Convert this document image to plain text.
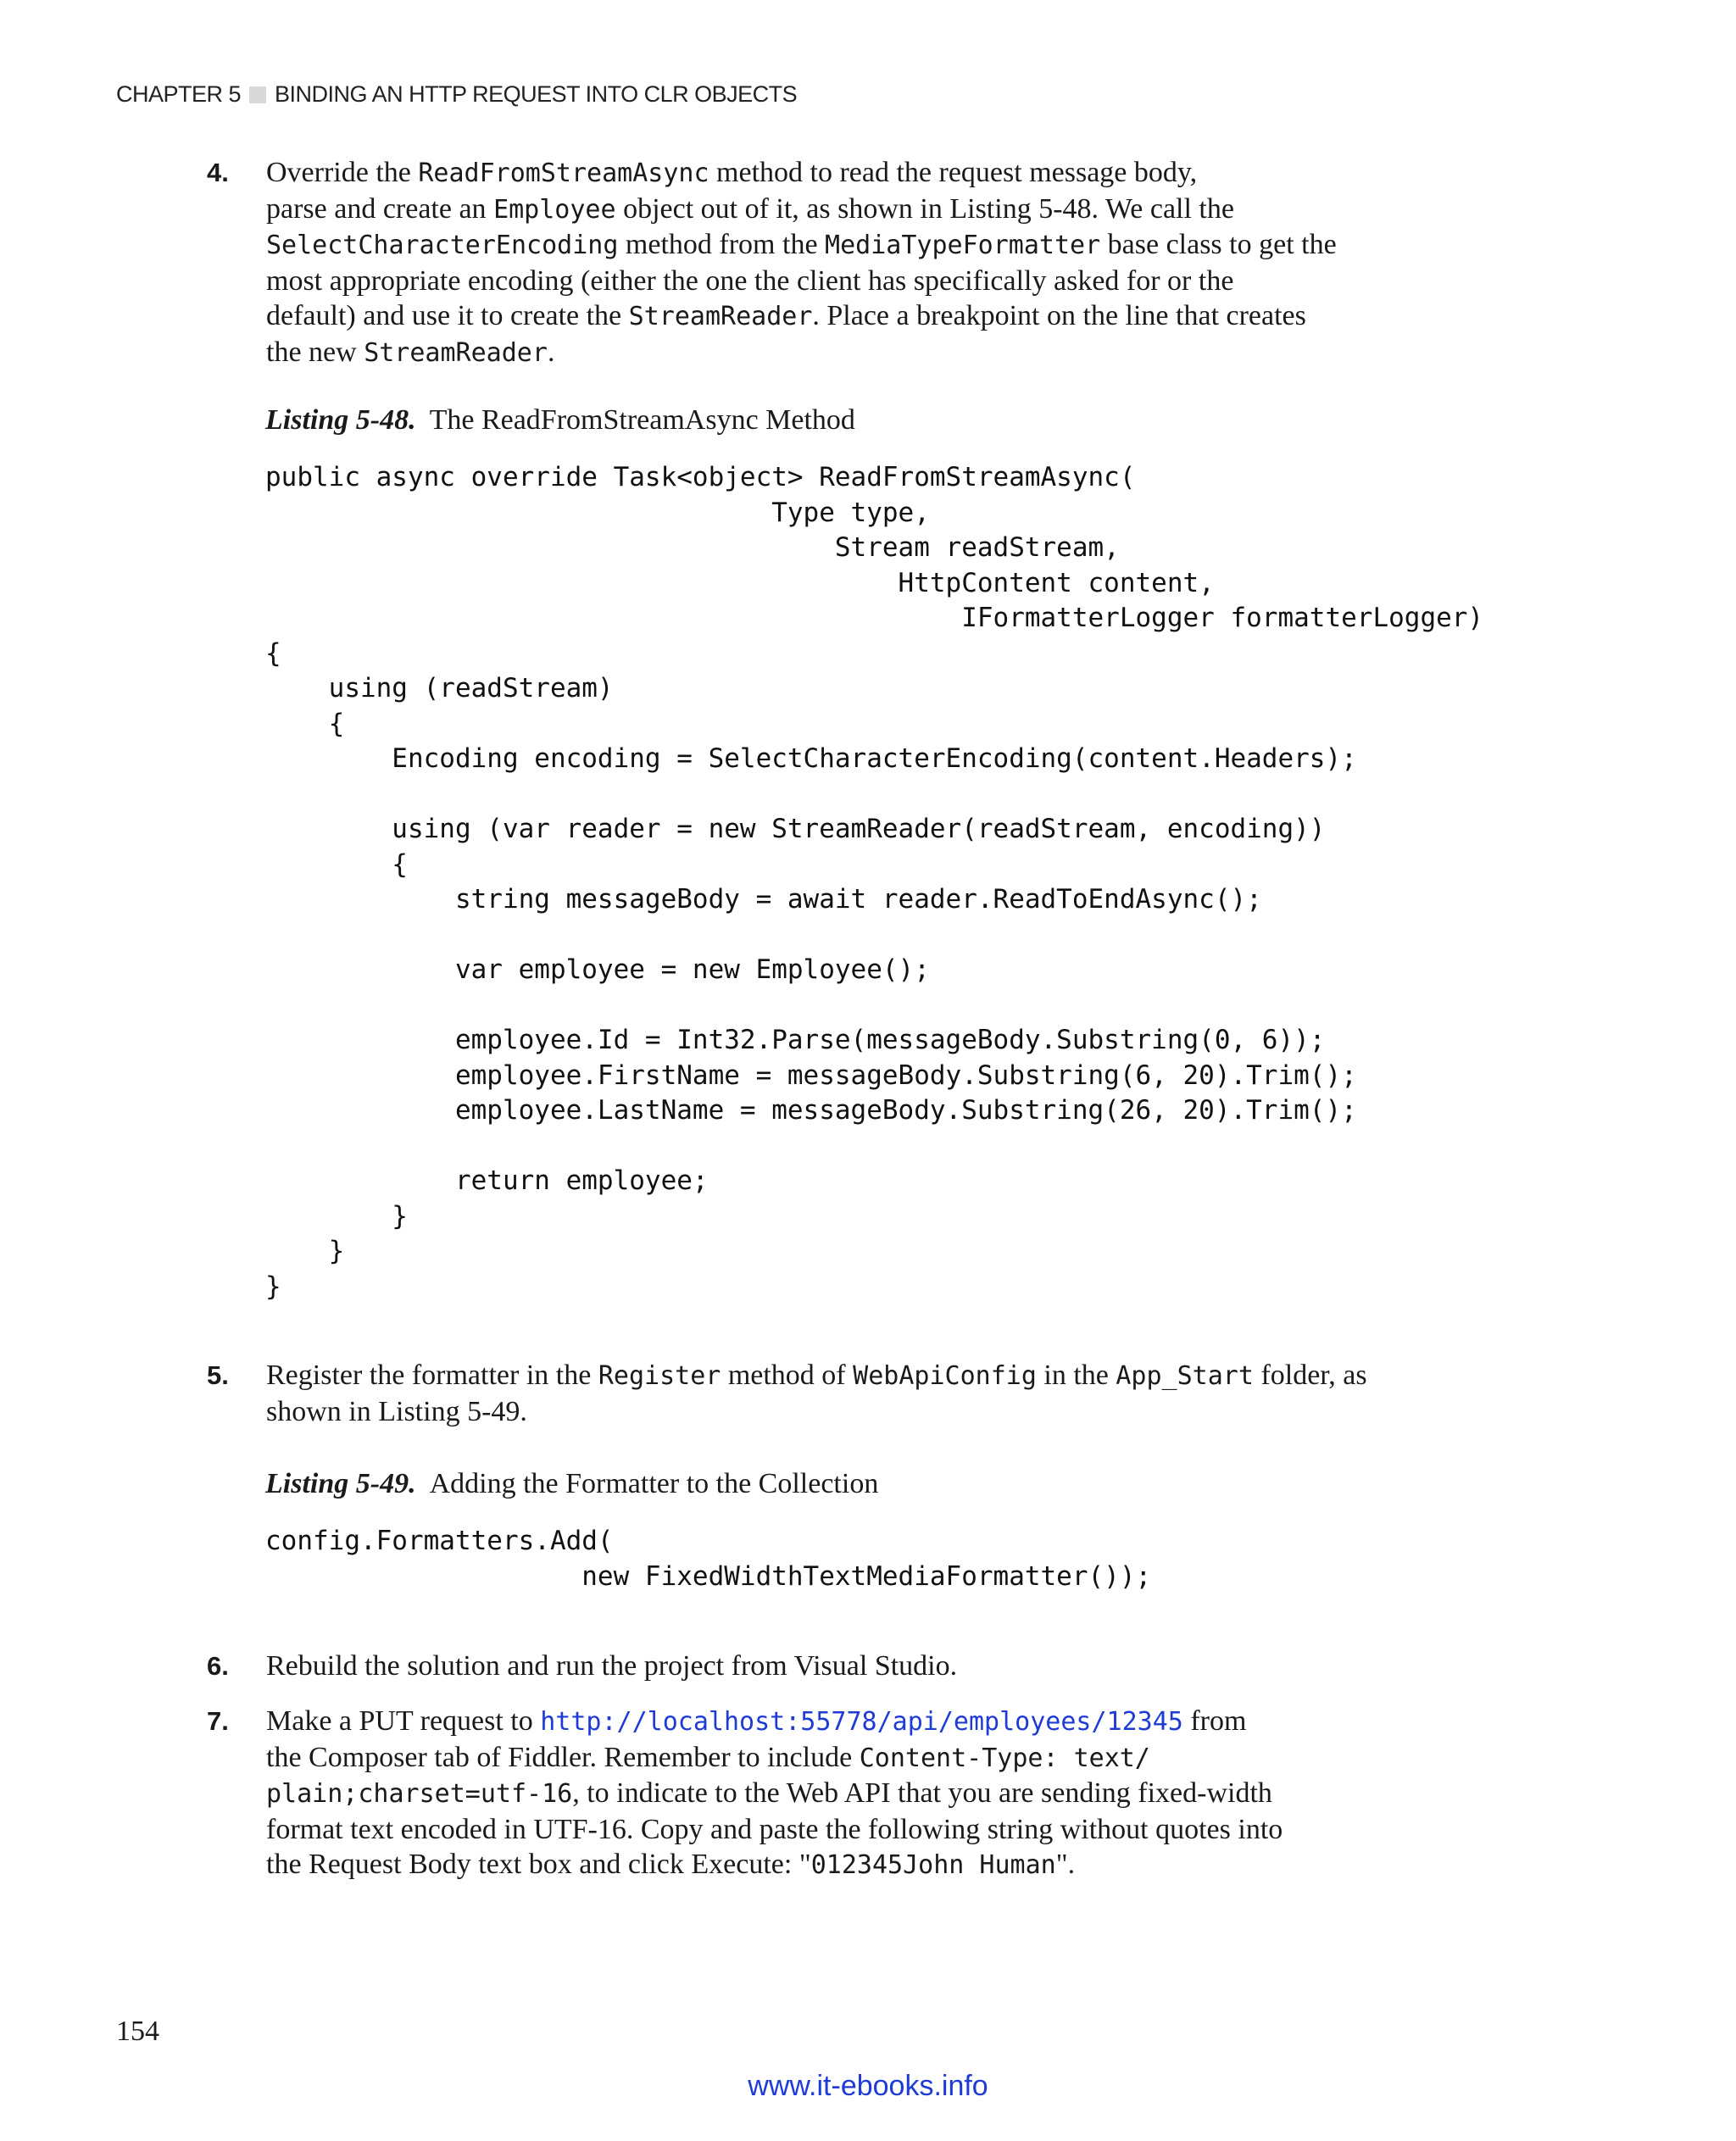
CHAPTER 5 BINDING AN HTTP REQUEST INTO CLR OBJECTS
4. Override the ReadFromStreamAsync method to read the request message body,
parse and create an Employee object out of it, as shown in Listing 5-48. We call the
SelectCharacterEncoding method from the MediaTypeFormatter base class to get the
most appropriate encoding (either the one the client has specifically asked for or the
default) and use it to create the StreamReader. Place a breakpoint on the line that creates
the new StreamReader.
Listing 5-48. The ReadFromStreamAsync Method
public async override Task<object> ReadFromStreamAsync(
Type type,
Stream readStream,
HttpContent content,
IFormatterLogger formatterLogger)
{
using (readStream)
{
Encoding encoding = SelectCharacterEncoding(content.Headers);

using (var reader = new StreamReader(readStream, encoding))
{
string messageBody = await reader.ReadToEndAsync();

var employee = new Employee();

employee.Id = Int32.Parse(messageBody.Substring(0, 6));
employee.FirstName = messageBody.Substring(6, 20).Trim();
employee.LastName = messageBody.Substring(26, 20).Trim();

return employee;
}
}
}
5. Register the formatter in the Register method of WebApiConfig in the App_Start folder, as
shown in Listing 5-49.
Listing 5-49. Adding the Formatter to the Collection
config.Formatters.Add(
new FixedWidthTextMediaFormatter());
6. Rebuild the solution and run the project from Visual Studio.
7. Make a PUT request to http://localhost:55778/api/employees/12345 from
the Composer tab of Fiddler. Remember to include Content-Type: text/
plain;charset=utf-16, to indicate to the Web API that you are sending fixed-width
format text encoded in UTF-16. Copy and paste the following string without quotes into
the Request Body text box and click Execute: "012345John Human".
154
www.it-ebooks.info
